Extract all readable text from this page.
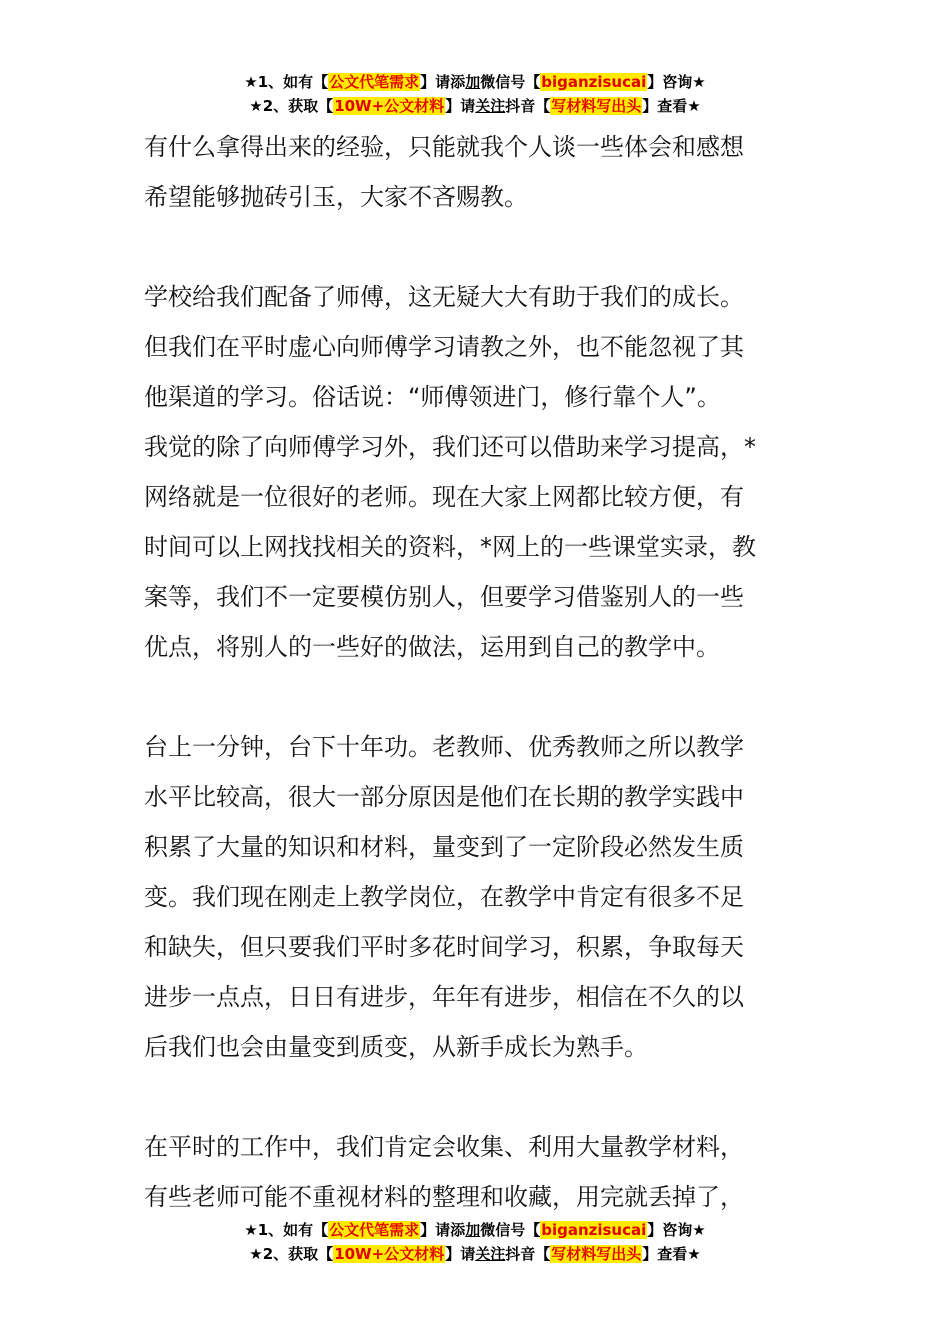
★1、如有【公文代笔需求】请添加微信号【biganzisucai】咨询★
★2、获取【10W+公文材料】请关注抖音【写材料写出头】查看★
有什么拿得出来的经验，只能就我个人谈一些体会和感想
希望能够抛砖引玉，大家不吝赐教。
学校给我们配备了师傅，这无疑大大有助于我们的成长。
但我们在平时虚心向师傅学习请教之外，也不能忽视了其
他渠道的学习。俗话说：“师傅领进门，修行靠个人”。
我觉的除了向师傅学习外，我们还可以借助来学习提高，*
网络就是一位很好的老师。现在大家上网都比较方便，有
时间可以上网找找相关的资料，*网上的一些课堂实录，教
案等，我们不一定要模仿别人，但要学习借鉴别人的一些
优点，将别人的一些好的做法，运用到自己的教学中。
台上一分钟，台下十年功。老教师、优秀教师之所以教学
水平比较高，很大一部分原因是他们在长期的教学实践中
积累了大量的知识和材料，量变到了一定阶段必然发生质
变。我们现在刚走上教学岗位，在教学中肯定有很多不足
和缺失，但只要我们平时多花时间学习，积累，争取每天
进步一点点，日日有进步，年年有进步，相信在不久的以
后我们也会由量变到质变，从新手成长为熟手。
在平时的工作中，我们肯定会收集、利用大量教学材料，
有些老师可能不重视材料的整理和收藏，用完就丢掉了，
★1、如有【公文代笔需求】请添加微信号【biganzisucai】咨询★
★2、获取【10W+公文材料】请关注抖音【写材料写出头】查看★
